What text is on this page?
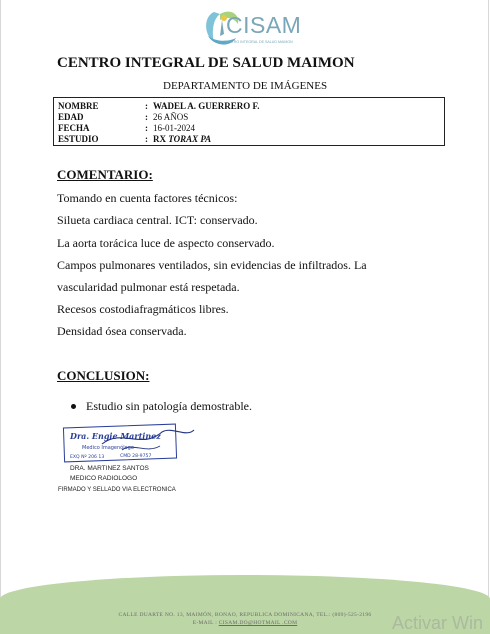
CISAM
CENTRO INTEGRAL DE SALUD MAIMON
CENTRO INTEGRAL DE SALUD MAIMON
DEPARTAMENTO DE IMÁGENES
NOMBRE	: WADEL A. GUERRERO F.
EDAD	: 26 AÑOS
FECHA	: 16-01-2024
ESTUDIO	: RX TORAX PA
COMENTARIO:
Tomando en cuenta factores técnicos:
Silueta cardiaca central. ICT: conservado.
La aorta torácica luce de aspecto conservado.
Campos pulmonares ventilados, sin evidencias de infiltrados. La
vascularidad pulmonar está respetada.
Recesos costodiafragmáticos libres.
Densidad ósea conservada.
CONCLUSION:
Estudio sin patología demostrable.
Dra. Engie Martinez
Medico Imagenólogo
EXQ Nº 206 13	CMD 28-9757
DRA. MARTINEZ SANTOS
MEDICO RADIOLOGO
FIRMADO Y SELLADO VIA ELECTRONICA
CALLE DUARTE NO. 13, MAIMÓN, BONAO, REPUBLICA DOMINICANA, TEL.: (809)-525-2196
E-MAIL : CISAM.DO@HOTMAIL .COM	Activar Win
